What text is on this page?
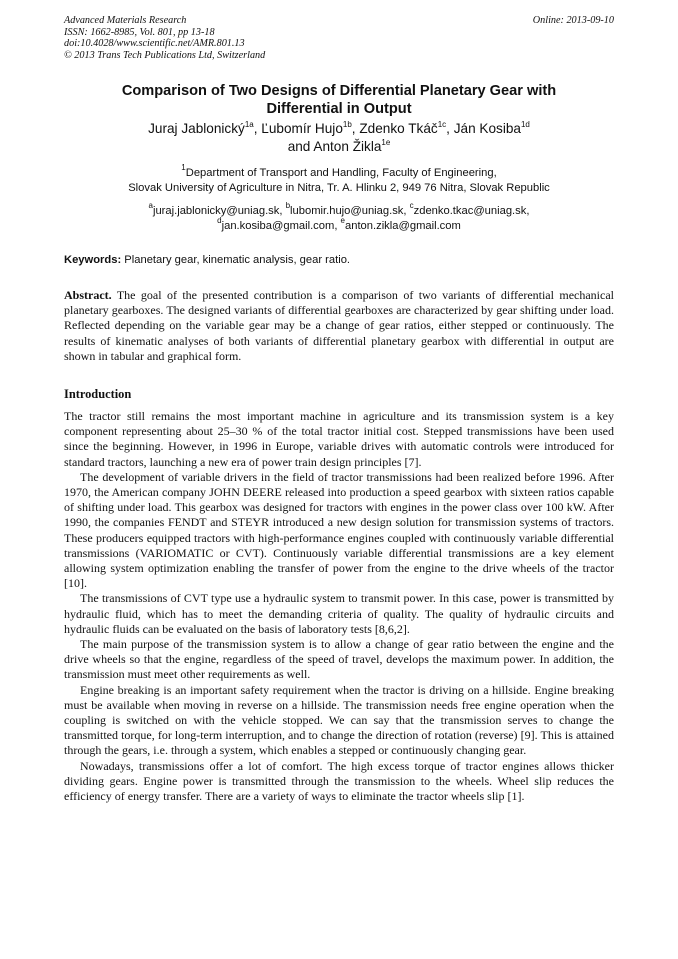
Advanced Materials Research
ISSN: 1662-8985, Vol. 801, pp 13-18
doi:10.4028/www.scientific.net/AMR.801.13
© 2013 Trans Tech Publications Ltd, Switzerland
Online: 2013-09-10
Comparison of Two Designs of Differential Planetary Gear with
Differential in Output
Juraj Jablonický$^{1a}$, Ľubomír Hujo$^{1b}$, Zdenko Tkáč$^{1c}$, Ján Kosiba$^{1d}$
and Anton Žikla$^{1e}$
$^1$Department of Transport and Handling, Faculty of Engineering,
Slovak University of Agriculture in Nitra, Tr. A. Hlinku 2, 949 76 Nitra, Slovak Republic
$^a$juraj.jablonicky@uniag.sk, $^b$lubomir.hujo@uniag.sk, $^c$zdenko.tkac@uniag.sk,
$^d$jan.kosiba@gmail.com, $^e$anton.zikla@gmail.com
Keywords: Planetary gear, kinematic analysis, gear ratio.
Abstract. The goal of the presented contribution is a comparison of two variants of differential mechanical planetary gearboxes. The designed variants of differential gearboxes are characterized by gear shifting under load. Reflected depending on the variable gear may be a change of gear ratios, either stepped or continuously. The results of kinematic analyses of both variants of differential planetary gearbox with differential in output are shown in tabular and graphical form.
Introduction

The tractor still remains the most important machine in agriculture and its transmission system is a key component representing about 25–30 % of the total tractor initial cost. Stepped transmissions have been used since the beginning. However, in 1996 in Europe, variable drives with automatic controls were introduced for standard tractors, launching a new era of power train design principles [7].

The development of variable drivers in the field of tractor transmissions had been realized before 1996. After 1970, the American company JOHN DEERE released into production a speed gearbox with sixteen ratios capable of shifting under load. This gearbox was designed for tractors with engines in the power class over 100 kW. After 1990, the companies FENDT and STEYR introduced a new design solution for transmission systems of tractors. These producers equipped tractors with high-performance engines coupled with continuously variable differential transmissions (VARIOMATIC or CVT). Continuously variable differential transmissions are a key element allowing system optimization enabling the transfer of power from the engine to the drive wheels of the tractor [10].

The transmissions of CVT type use a hydraulic system to transmit power. In this case, power is transmitted by hydraulic fluid, which has to meet the demanding criteria of quality. The quality of hydraulic circuits and hydraulic fluids can be evaluated on the basis of laboratory tests [8,6,2].

The main purpose of the transmission system is to allow a change of gear ratio between the engine and the drive wheels so that the engine, regardless of the speed of travel, develops the maximum power. In addition, the transmission must meet other requirements as well.

Engine breaking is an important safety requirement when the tractor is driving on a hillside. Engine breaking must be available when moving in reverse on a hillside. The transmission needs free engine operation when the coupling is switched on with the vehicle stopped. We can say that the transmission serves to change the transmitted torque, for long-term interruption, and to change the direction of rotation (reverse) [9]. This is attained through the gears, i.e. through a system, which enables a stepped or continuously changing gear.

Nowadays, transmissions offer a lot of comfort. The high excess torque of tractor engines allows thicker dividing gears. Engine power is transmitted through the transmission to the wheels. Wheel slip reduces the efficiency of energy transfer. There are a variety of ways to eliminate the tractor wheels slip [1].
